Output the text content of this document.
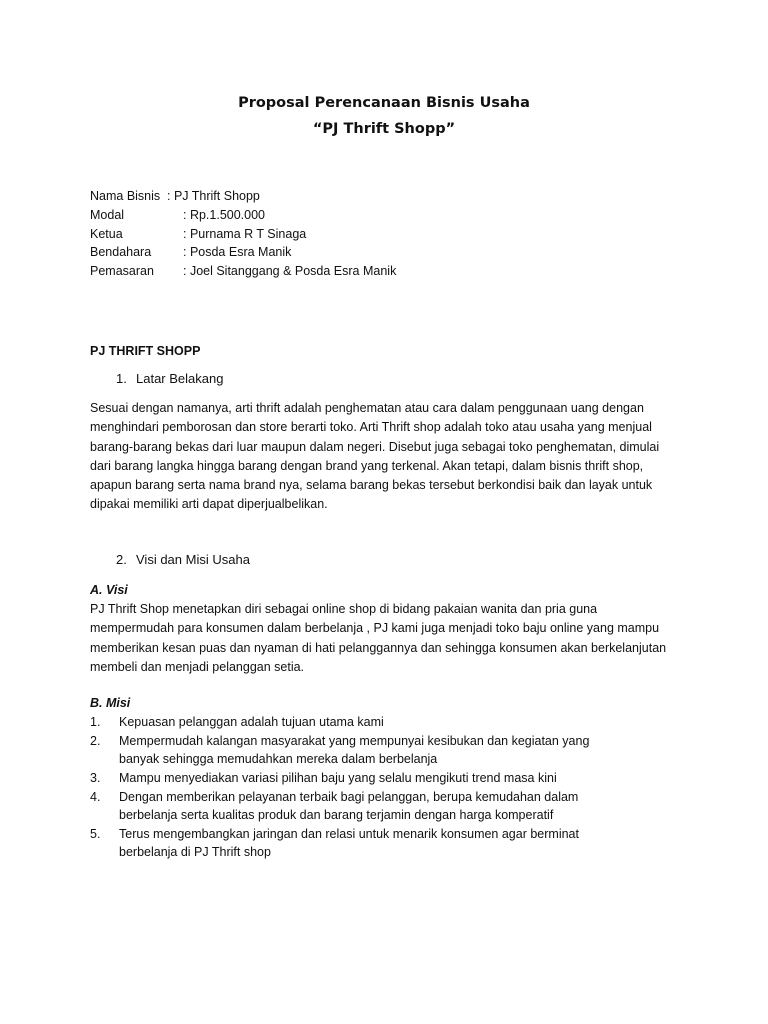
Proposal Perencanaan Bisnis Usaha
“PJ Thrift Shopp”
Nama Bisnis : PJ Thrift Shopp
Modal	: Rp.1.500.000
Ketua	: Purnama R T Sinaga
Bendahara	: Posda Esra Manik
Pemasaran : Joel Sitanggang & Posda Esra Manik
PJ THRIFT SHOPP
1. Latar Belakang

Sesuai dengan namanya, arti thrift adalah penghematan atau cara dalam penggunaan uang dengan

menghindari pemborosan dan store berarti toko. Arti Thrift shop adalah toko atau usaha yang menjual

barang-barang bekas dari luar maupun dalam negeri. Disebut juga sebagai toko penghematan, dimulai

dari barang langka hingga barang dengan brand yang terkenal. Akan tetapi, dalam bisnis thrift shop,

apapun barang serta nama brand nya, selama barang bekas tersebut berkondisi baik dan layak untuk

dipakai memiliki arti dapat diperjualbelikan.

2. Visi dan Misi Usaha
A. Visi

PJ Thrift Shop menetapkan diri sebagai online shop di bidang pakaian wanita dan pria guna

mempermudah para konsumen dalam berbelanja , PJ kami juga menjadi toko baju online yang mampu

memberikan kesan puas dan nyaman di hati pelanggannya dan sehingga konsumen akan berkelanjutan

membeli dan menjadi pelanggan setia.

B. Misi
1. Kepuasan pelanggan adalah tujuan utama kami
2. Mempermudah kalangan masyarakat yang mempunyai kesibukan dan kegiatan yang
banyak sehingga memudahkan mereka dalam berbelanja
3. Mampu menyediakan variasi pilihan baju yang selalu mengikuti trend masa kini
4. Dengan memberikan pelayanan terbaik bagi pelanggan, berupa kemudahan dalam
berbelanja serta kualitas produk dan barang terjamin dengan harga komperatif
5. Terus mengembangkan jaringan dan relasi untuk menarik konsumen agar berminat
berbelanja di PJ Thrift shop
